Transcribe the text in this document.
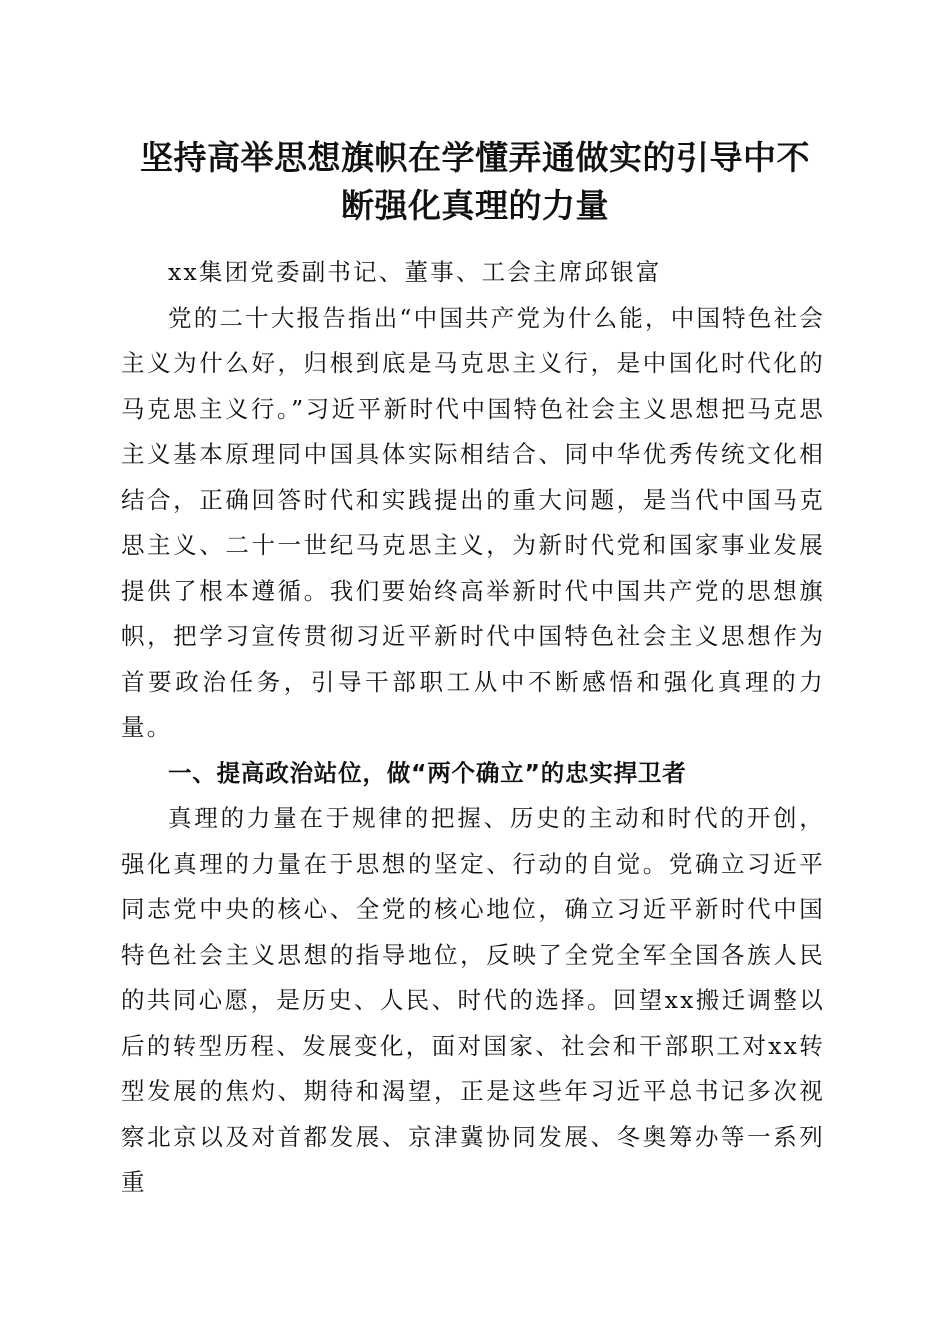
坚持高举思想旗帜在学懂弄通做实的引导中不
断强化真理的力量

xx集团党委副书记、董事、工会主席邱银富

党的二十大报告指出“中国共产党为什么能，中国特色社会主义为什么好，归根到底是马克思主义行，是中国化时代化的马克思主义行。”习近平新时代中国特色社会主义思想把马克思主义基本原理同中国具体实际相结合、同中华优秀传统文化相结合，正确回答时代和实践提出的重大问题，是当代中国马克思主义、二十一世纪马克思主义，为新时代党和国家事业发展提供了根本遵循。我们要始终高举新时代中国共产党的思想旗帜，把学习宣传贯彻习近平新时代中国特色社会主义思想作为首要政治任务，引导干部职工从中不断感悟和强化真理的力量。

一、提高政治站位，做“两个确立”的忠实捍卫者

真理的力量在于规律的把握、历史的主动和时代的开创，强化真理的力量在于思想的坚定、行动的自觉。党确立习近平同志党中央的核心、全党的核心地位，确立习近平新时代中国特色社会主义思想的指导地位，反映了全党全军全国各族人民的共同心愿，是历史、人民、时代的选择。回望xx搬迁调整以后的转型历程、发展变化，面对国家、社会和干部职工对xx转型发展的焦灼、期待和渴望，正是这些年习近平总书记多次视察北京以及对首都发展、京津冀协同发展、冬奥筹办等一系列重
